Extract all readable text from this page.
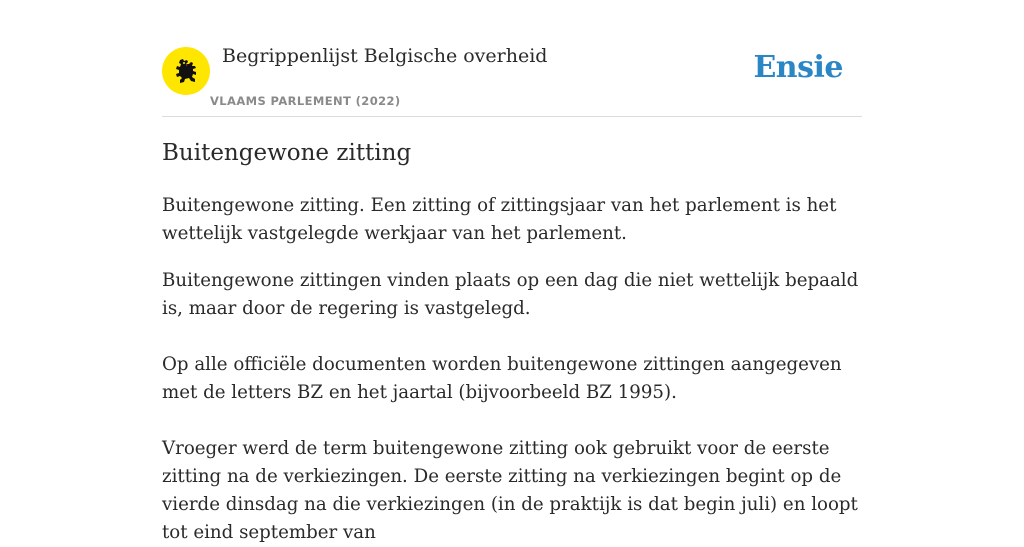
Begrippenlijst Belgische overheid
VLAAMS PARLEMENT (2022)
Ensie
Buitengewone zitting

Buitengewone zitting. Een zitting of zittingsjaar van het parlement is het wettelijk vastgelegde werkjaar van het parlement.

Buitengewone zittingen vinden plaats op een dag die niet wettelijk bepaald is, maar door de regering is vastgelegd.

Op alle officiële documenten worden buitengewone zittingen aangegeven met de letters BZ en het jaartal (bijvoorbeeld BZ 1995).

Vroeger werd de term buitengewone zitting ook gebruikt voor de eerste zitting na de verkiezingen. De eerste zitting na verkiezingen begint op de vierde dinsdag na die verkiezingen (in de praktijk is dat begin juli) en loopt tot eind september van
